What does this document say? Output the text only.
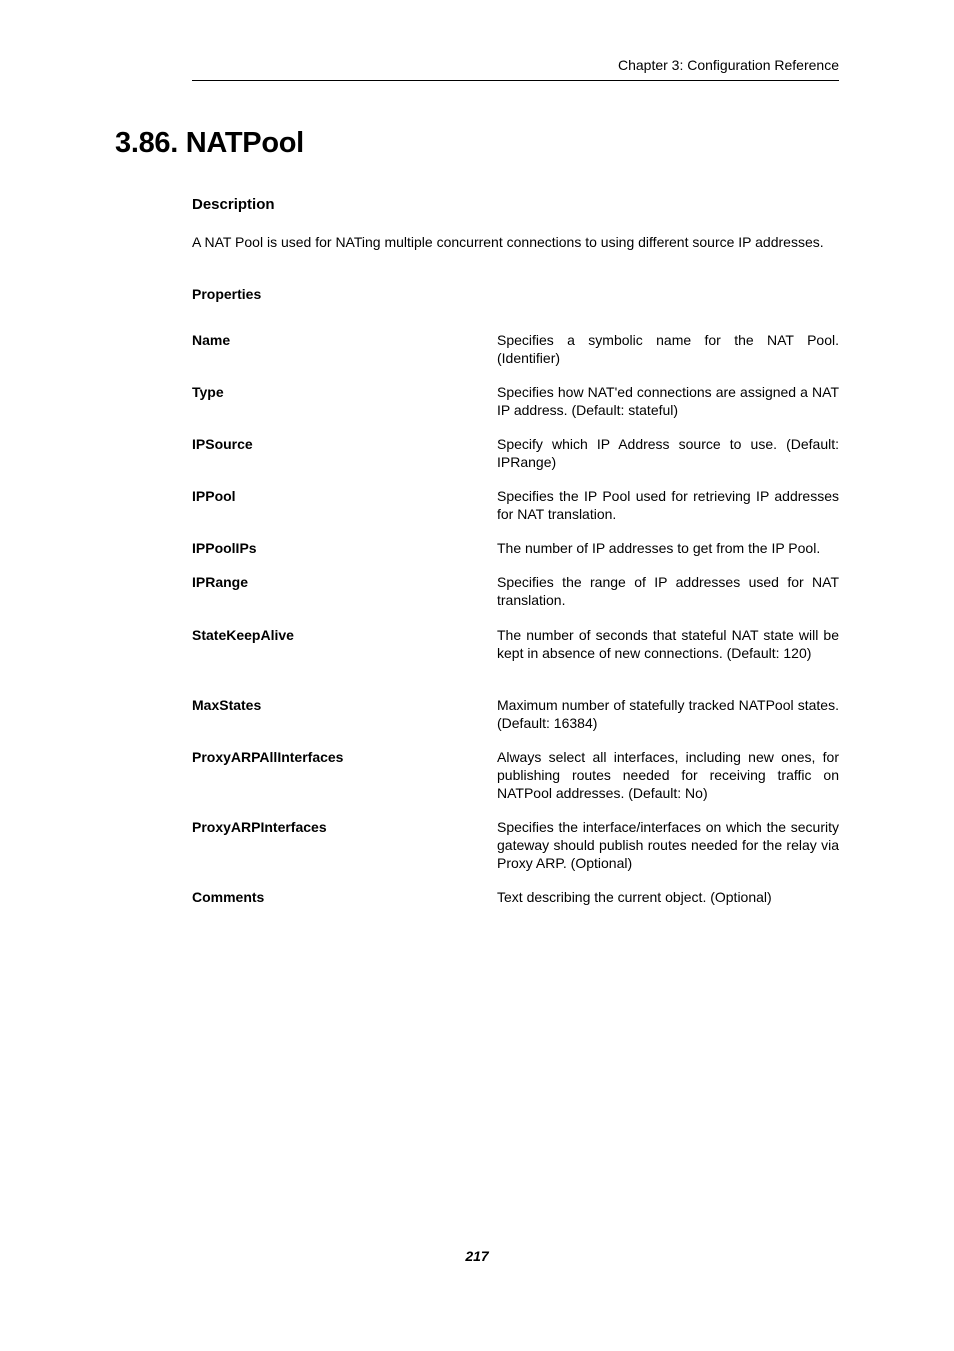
Chapter 3: Configuration Reference
3.86. NATPool
Description
A NAT Pool is used for NATing multiple concurrent connections to using different source IP addresses.
Properties
Name	Specifies a symbolic name for the NAT Pool. (Identifier)
Type	Specifies how NAT'ed connections are assigned a NAT IP address. (Default: stateful)
IPSource	Specify which IP Address source to use. (Default: IPRange)
IPPool	Specifies the IP Pool used for retrieving IP addresses for NAT translation.
IPPoolIPs	The number of IP addresses to get from the IP Pool.
IPRange	Specifies the range of IP addresses used for NAT translation.
StateKeepAlive	The number of seconds that stateful NAT state will be kept in absence of new connections. (Default: 120)
MaxStates	Maximum number of statefully tracked NATPool states. (Default: 16384)
ProxyARPAllInterfaces	Always select all interfaces, including new ones, for publishing routes needed for receiving traffic on NATPool addresses. (Default: No)
ProxyARPInterfaces	Specifies the interface/interfaces on which the security gateway should publish routes needed for the relay via Proxy ARP. (Optional)
Comments	Text describing the current object. (Optional)
217
